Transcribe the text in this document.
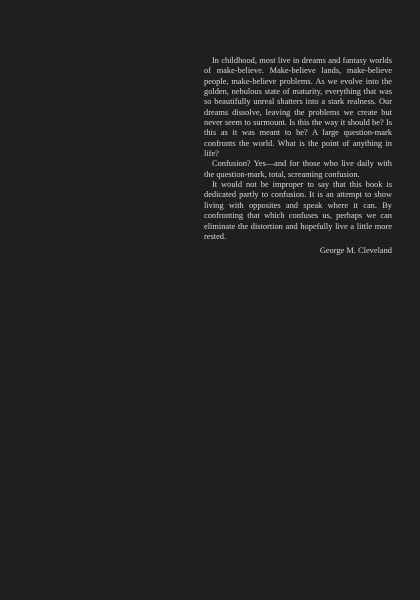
In childhood, most live in dreams and fantasy worlds of make-believe. Make-believe lands, make-believe people, make-believe problems. As we evolve into the golden, nebulous state of maturity, everything that was so beautifully unreal shatters into a stark realness. Our dreams dissolve, leaving the problems we create but never seem to surmount. Is this the way it should be? Is this as it was meant to be? A large question-mark confronts the world. What is the point of anything in life?

Confusion? Yes—and for those who live daily with the question-mark, total, screaming confusion.

It would not be improper to say that this book is dedicated partly to confusion. It is an attempt to show living with opposites and speak where it can. By confronting that which confuses us, perhaps we can eliminate the distortion and hopefully live a little more rested.

George M. Cleveland
